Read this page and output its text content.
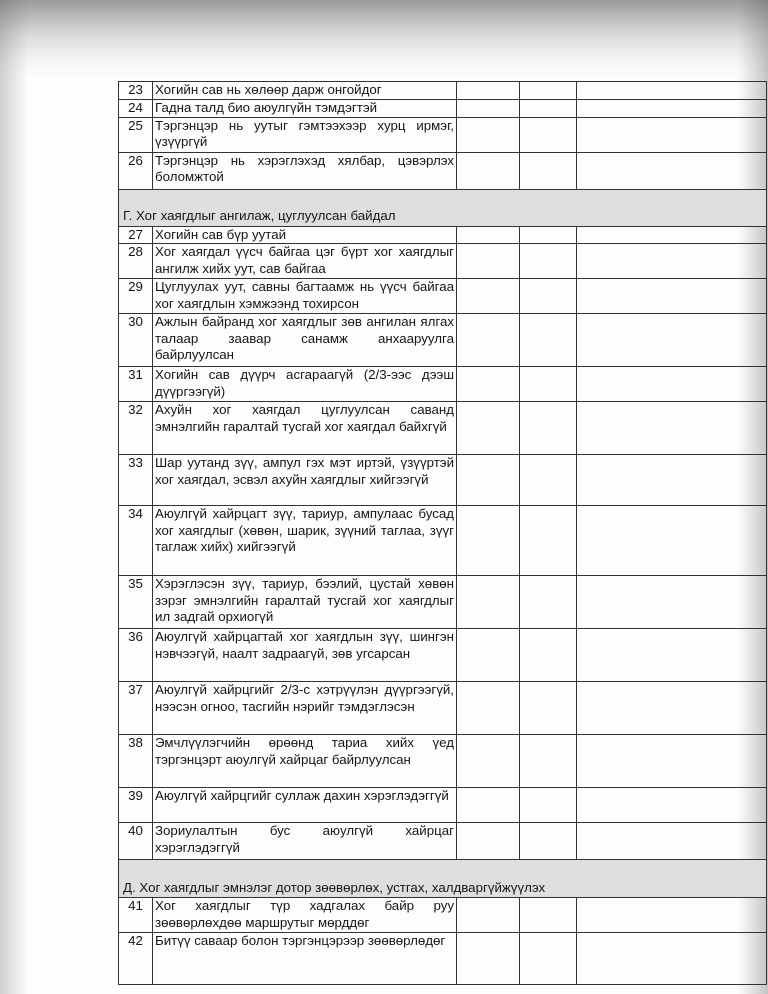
23	Хогийн сав нь хөлөөр дарж онгойдог			
24	Гадна талд био аюулгүйн тэмдэгтэй			
25	Тэргэнцэр нь уутыг гэмтээхээр хурц ирмэг, үзүүргүй			
26	Тэргэнцэр нь хэрэглэхэд хялбар, цэвэрлэх боломжтой			
Г. Хог хаягдлыг ангилаж, цуглуулсан байдал				
27	Хогийн сав бүр уутай			
28	Хог хаягдал үүсч байгаа цэг бүрт хог хаягдлыг ангилж хийх уут, сав байгаа			
29	Цуглуулах уут, савны багтаамж нь үүсч байгаа хог хаягдлын хэмжээнд тохирсон			
30	Ажлын байранд хог хаягдлыг зөв ангилан ялгах талаар заавар санамж анхааруулга байрлуулсан			
31	Хогийн сав дүүрч асгараагүй (2/3-ээс дээш дүүргээгүй)			
32	Ахуйн хог хаягдал цуглуулсан саванд эмнэлгийн гаралтай тусгай хог хаягдал байхгүй			
33	Шар уутанд зүү, ампул гэх мэт иртэй, үзүүртэй хог хаягдал, эсвэл ахуйн хаягдлыг хийгээгүй			
34	Аюулгүй хайрцагт зүү, тариур, ампулаас бусад хог хаягдлыг (хөвөн, шарик, зүүний таглаа, зүүг таглаж хийх) хийгээгүй			
35	Хэрэглэсэн зүү, тариур, бээлий, цустай хөвөн зэрэг эмнэлгийн гаралтай тусгай хог хаягдлыг ил задгай орхиогүй			
36	Аюулгүй хайрцагтай хог хаягдлын зүү, шингэн нэвчээгүй, наалт задраагүй, зөв угсарсан			
37	Аюулгүй хайрцгийг 2/3-с хэтрүүлэн дүүргээгүй, нээсэн огноо, тасгийн нэрийг тэмдэглэсэн			
38	Эмчлүүлэгчийн өрөөнд тариа хийх үед тэргэнцэрт аюулгүй хайрцаг байрлуулсан			
39	Аюулгүй хайрцгийг суллаж дахин хэрэглэдэггүй			
40	Зориулалтын бус аюулгүй хайрцаг хэрэглэдэггүй			
Д. Хог хаягдлыг эмнэлэг дотор зөөвөрлөх, устгах, халдваргүйжүүлэх				
41	Хог хаягдлыг түр хадгалах байр руу зөөвөрлөхдөө маршрутыг мөрддөг			
42	Битүү саваар болон тэргэнцэрээр зөөвөрлөдөг			
